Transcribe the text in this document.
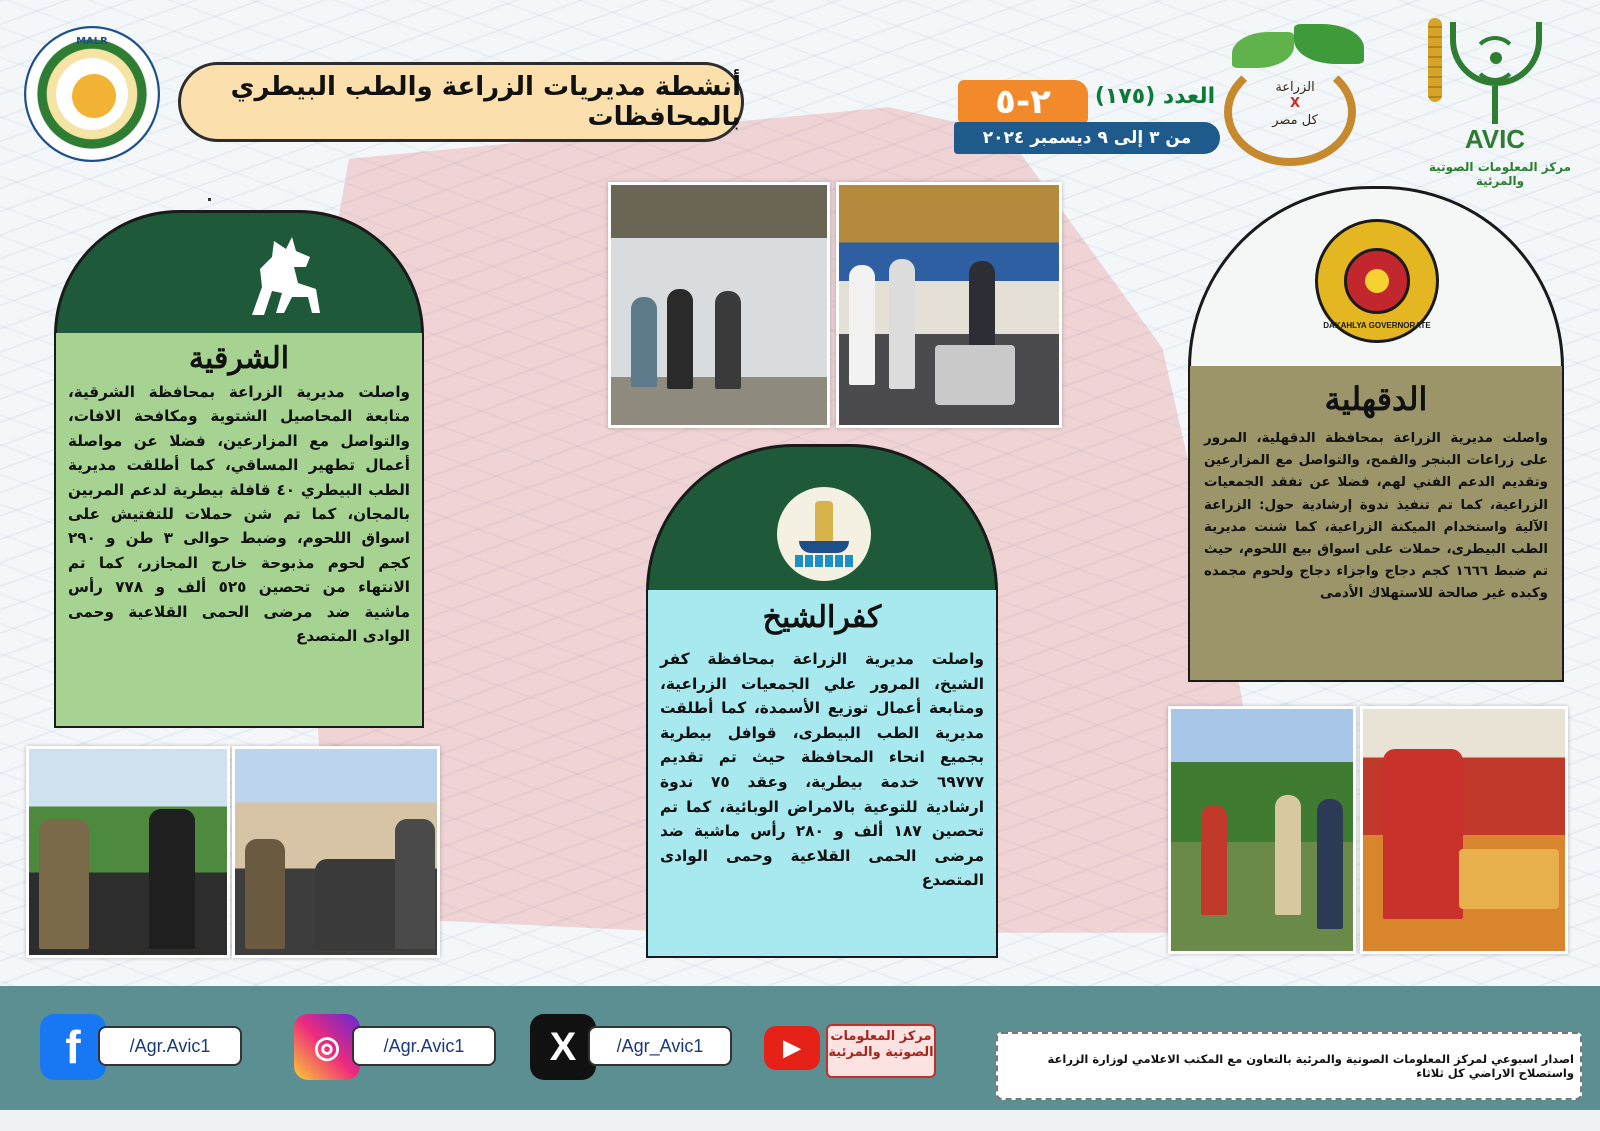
MALR
أنشطة مديريات الزراعة والطب البيطري بالمحافظات	٢-٥	العدد (١٧٥)
من ٣ إلى ٩ ديسمبر ٢٠٢٤
الزراعة
X
كل مصر
AVIC
مركز المعلومات الصوتية والمرئية
الشرقية
واصلت مديرية الزراعة بمحافظة الشرقية، متابعة المحاصيل الشتوية ومكافحة الافات، والتواصل مع المزارعين، فضلا عن مواصلة أعمال تطهير المساقي، كما أطلقت مديرية الطب البيطري ٤٠ قافلة بيطرية لدعم المربين بالمجان، كما تم شن حملات للتفتيش على اسواق اللحوم، وضبط حوالى ٣ طن و ٢٩٠ كجم لحوم مذبوحة خارج المجازر، كما تم الانتهاء من تحصين ٥٢٥ ألف و ٧٧٨ رأس ماشية ضد مرضى الحمى القلاعية وحمى الوادى المتصدع
DAKAHLYA GOVERNORATE
الدقهلية
واصلت مديرية الزراعة بمحافظة الدقهلية، المرور على زراعات البنجر والقمح، والتواصل مع المزارعين وتقديم الدعم الفني لهم، فضلا عن تفقد الجمعيات الزراعية، كما تم تنفيذ ندوة إرشادية حول: الزراعة الآلية واستخدام الميكنة الزراعية، كما شنت مديرية الطب البيطرى، حملات على اسواق بيع اللحوم، حيث تم ضبط ١٦٦٦ كجم دجاج واجزاء دجاج ولحوم مجمده وكبده غير صالحة للاستهلاك الأدمى
كفرالشيخ
واصلت مديرية الزراعة بمحافظة كفر الشيخ، المرور علي الجمعيات الزراعية، ومتابعة أعمال توزيع الأسمدة، كما أطلقت مديرية الطب البيطرى، قوافل بيطرية بجميع انحاء المحافظة حيث تم تقديم ٦٩٧٧٧ خدمة بيطرية، وعقد ٧٥ ندوة ارشادية للتوعية بالامراض الوبائية، كما تم تحصين ١٨٧ ألف و ٢٨٠ رأس ماشية ضد مرضى الحمى القلاعية وحمى الوادى المتصدع
f	/Agr.Avic1	◎	/Agr.Avic1	X	/Agr_Avic1	▶	مركز المعلومات الصوتية والمرئية	اصدار اسبوعي لمركز المعلومات الصوتية والمرئية بالتعاون مع المكتب الاعلامي لوزارة الزراعة واستصلاح الاراضي كل ثلاثاء
